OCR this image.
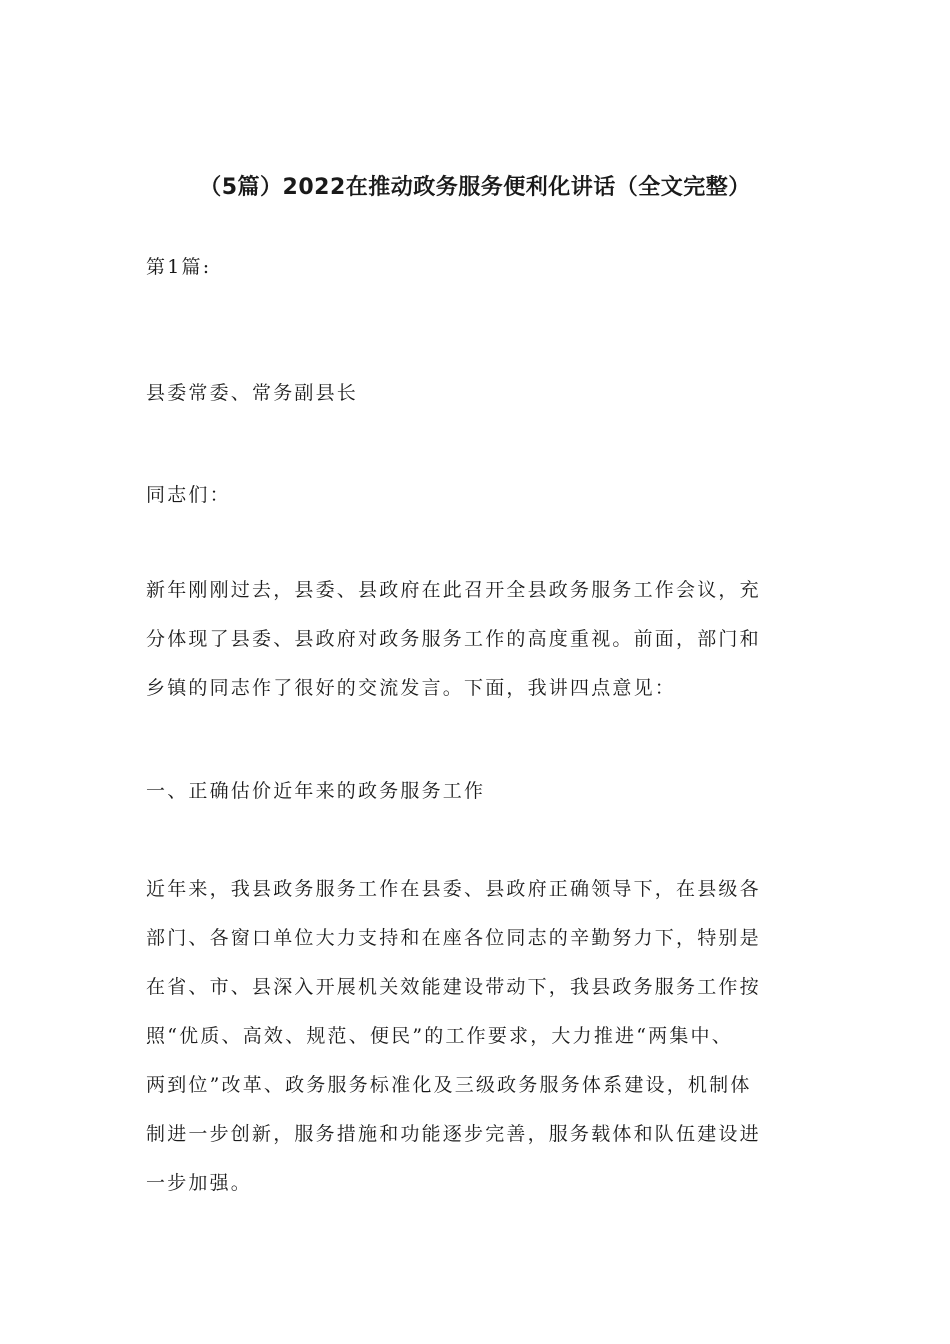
（5篇）2022在推动政务服务便利化讲话（全文完整）
第1篇:
县委常委、常务副县长
同志们：
新年刚刚过去，县委、县政府在此召开全县政务服务工作会议，充
分体现了县委、县政府对政务服务工作的高度重视。前面，部门和
乡镇的同志作了很好的交流发言。下面，我讲四点意见：
一、正确估价近年来的政务服务工作
近年来，我县政务服务工作在县委、县政府正确领导下，在县级各
部门、各窗口单位大力支持和在座各位同志的辛勤努力下，特别是
在省、市、县深入开展机关效能建设带动下，我县政务服务工作按
照“优质、高效、规范、便民”的工作要求，大力推进“两集中、
两到位”改革、政务服务标准化及三级政务服务体系建设，机制体
制进一步创新，服务措施和功能逐步完善，服务载体和队伍建设进
一步加强。
